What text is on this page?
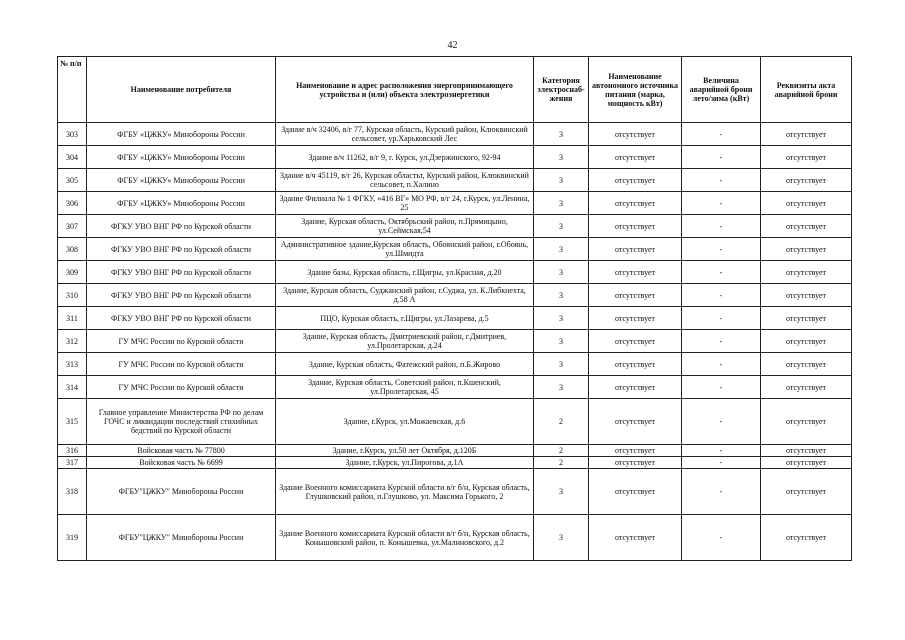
42
№ п/п	Наименование потребителя	Наименование и адрес расположения энергопринимающего устройства и (или) объекта электроэнергетики	Категория электроснаб-жения	Наименование автономного источника питания (марка, мощность кВт)	Величина аварийной брони лето/зима (кВт)	Реквизиты акта аварийной брони
303	ФГБУ «ЦЖКУ» Минобороны России	Здание в/ч 32406, в/г 77, Курская область, Курский район, Клюквинский сельсовет, ур.Харьковский Лес	3	отсутствует	-	отсутствует
304	ФГБУ «ЦЖКУ» Минобороны России	Здание в/ч 11262, в/г 9, г. Курск, ул.Дзержинского, 92-94	3	отсутствует	-	отсутствует
305	ФГБУ «ЦЖКУ» Минобороны России	Здание в/ч 45119, в/г 26, Курская областьт, Курский район, Клюквинский сельсовет, п.Халино	3	отсутствует	-	отсутствует
306	ФГБУ «ЦЖКУ» Минобороны России	Здание Филиала № 1 ФГКУ, «416 ВГ» МО РФ, в/г 24, г.Курск, ул.Ленина, 25	3	отсутствует	-	отсутствует
307	ФГКУ УВО ВНГ РФ по Курской области	Здание, Курская область, Октябрьский район, п.Прямицыно, ул.Сеймская,54	3	отсутствует	-	отсутствует
308	ФГКУ УВО ВНГ РФ по Курской области	Административное здание,Курская область, Обоянский район, г.Обоянь, ул.Шмидта	3	отсутствует	-	отсутствует
309	ФГКУ УВО ВНГ РФ по Курской области	Здание базы, Курская область, г.Щигры, ул.Красная, д.20	3	отсутствует	-	отсутствует
310	ФГКУ УВО ВНГ РФ по Курской области	Здание, Курская область, Суджанский район, г.Суджа, ул. К.Либкнехта, д.58 А	3	отсутствует	-	отсутствует
311	ФГКУ УВО ВНГ РФ по Курской области	ПЦО, Курская область, г.Щигры, ул.Лазарева, д.5	3	отсутствует	-	отсутствует
312	ГУ МЧС России по Курской области	Здание, Курская область, Дмитриевский район, г.Дмитриев, ул.Пролетарская, д.24	3	отсутствует	-	отсутствует
313	ГУ МЧС России по Курской области	Здание, Курская область, Фатежский район, п.Б.Жирово	3	отсутствует	-	отсутствует
314	ГУ МЧС России по Курской области	Здание, Курская область, Советский район, п.Кшенский, ул.Пролетарская, 45	3	отсутствует	-	отсутствует
315	Главное управление Министерства РФ по делам ГОЧС и ликвидации последствий стихийных бедствий по Курской области	Здание, г.Курск, ул.Можаевская, д.6	2	отсутствует	-	отсутствует
316	Войсковая часть № 77800	Здание, г.Курск, ул.50 лет Октября, д.120Б	2	отсутствует	-	отсутствует
317	Войсковая часть № 6699	Здание, г.Курск, ул.Пирогова, д.1А	2	отсутствует	-	отсутствует
318	ФГБУ"ЦЖКУ" Минобороны России	Здание Военного комиссариата Курской области в/г б/н, Курская область, Глушковский район, п.Глушково, ул. Максима Горького, 2	3	отсутствует	-	отсутствует
319	ФГБУ"ЦЖКУ" Минобороны России	Здание Военного комиссариата Курской области в/г б/н, Курская область, Конышовский район, п. Конышевка, ул.Малиновского, д.2	3	отсутствует	-	отсутствует
